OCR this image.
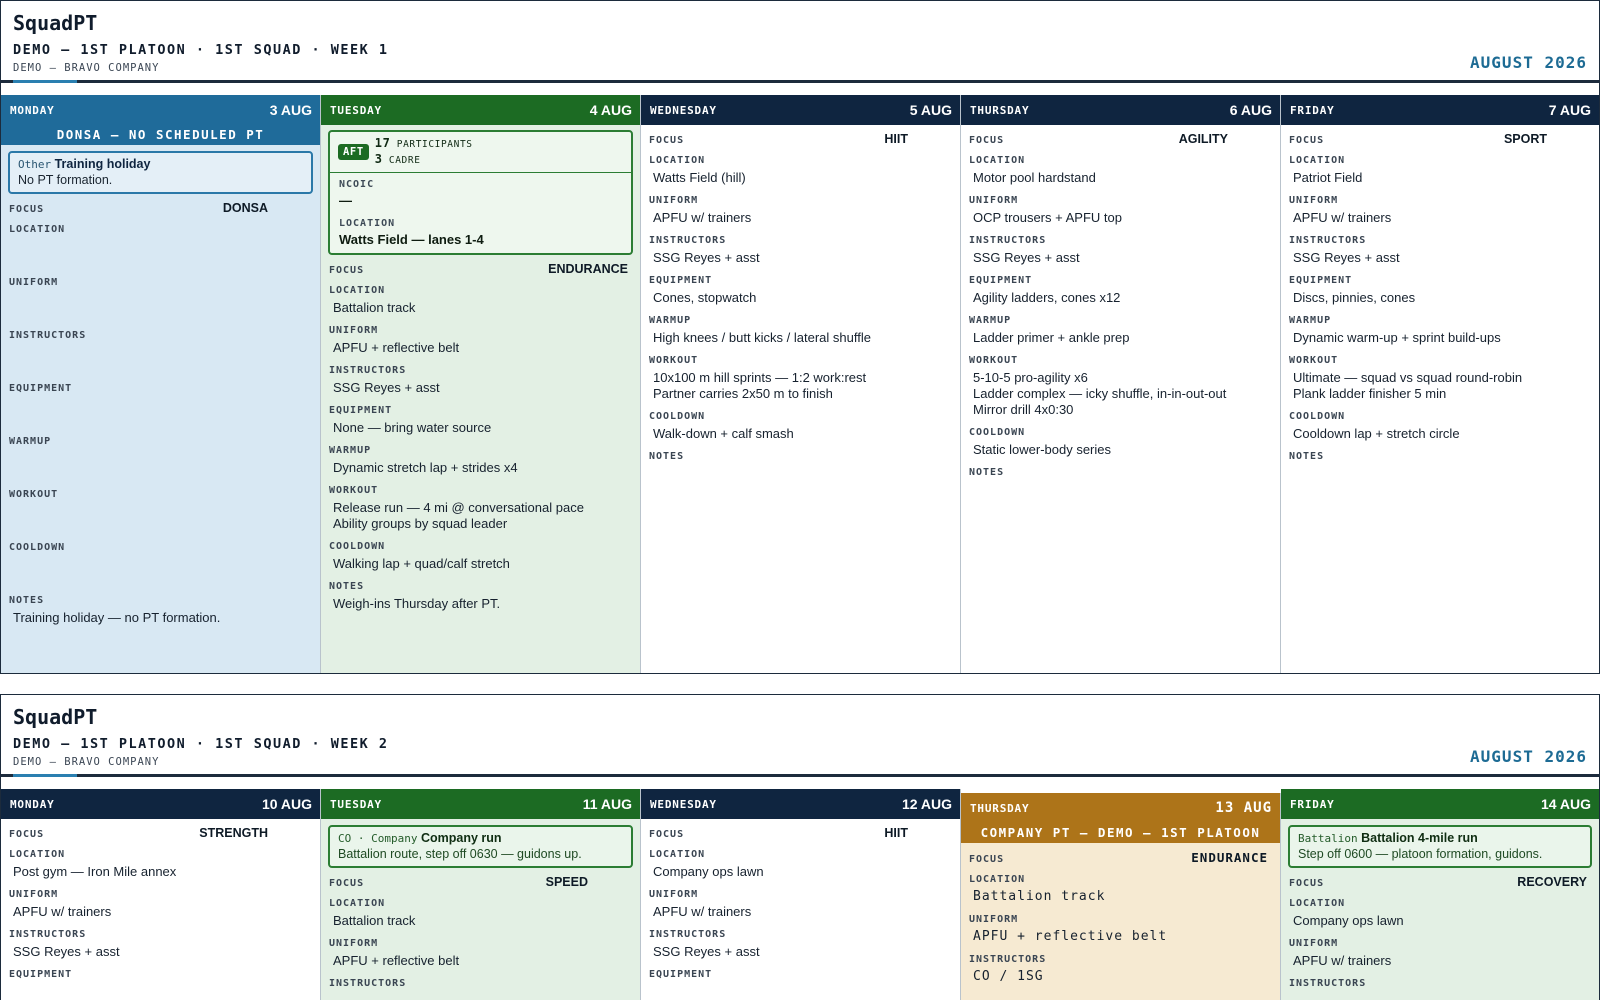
SquadPT
DEMO — 1ST PLATOON · 1ST SQUAD · WEEK 1
DEMO — BRAVO COMPANY	AUGUST 2026
MONDAY	3 AUG
DONSA — NO SCHEDULED PT
Other Training holiday
No PT formation.
FOCUS	DONSA
LOCATION
UNIFORM
INSTRUCTORS
EQUIPMENT
WARMUP
WORKOUT
COOLDOWN
NOTES
Training holiday — no PT formation.
TUESDAY	4 AUG
AFT
17 PARTICIPANTS
3 CADRE
NCOIC
—
LOCATION
Watts Field — lanes 1-4
FOCUS	ENDURANCE
LOCATION
Battalion track
UNIFORM
APFU + reflective belt
INSTRUCTORS
SSG Reyes + asst
EQUIPMENT
None — bring water source
WARMUP
Dynamic stretch lap + strides x4
WORKOUT
Release run — 4 mi @ conversational pace
Ability groups by squad leader
COOLDOWN
Walking lap + quad/calf stretch
NOTES
Weigh-ins Thursday after PT.
WEDNESDAY	5 AUG
FOCUS	HIIT
LOCATION
Watts Field (hill)
UNIFORM
APFU w/ trainers
INSTRUCTORS
SSG Reyes + asst
EQUIPMENT
Cones, stopwatch
WARMUP
High knees / butt kicks / lateral shuffle
WORKOUT
10x100 m hill sprints — 1:2 work:rest
Partner carries 2x50 m to finish
COOLDOWN
Walk-down + calf smash
NOTES
THURSDAY	6 AUG
FOCUS	AGILITY
LOCATION
Motor pool hardstand
UNIFORM
OCP trousers + APFU top
INSTRUCTORS
SSG Reyes + asst
EQUIPMENT
Agility ladders, cones x12
WARMUP
Ladder primer + ankle prep
WORKOUT
5-10-5 pro-agility x6
Ladder complex — icky shuffle, in-in-out-out
Mirror drill 4x0:30
COOLDOWN
Static lower-body series
NOTES
FRIDAY	7 AUG
FOCUS	SPORT
LOCATION
Patriot Field
UNIFORM
APFU w/ trainers
INSTRUCTORS
SSG Reyes + asst
EQUIPMENT
Discs, pinnies, cones
WARMUP
Dynamic warm-up + sprint build-ups
WORKOUT
Ultimate — squad vs squad round-robin
Plank ladder finisher 5 min
COOLDOWN
Cooldown lap + stretch circle
NOTES
SquadPT
DEMO — 1ST PLATOON · 1ST SQUAD · WEEK 2
DEMO — BRAVO COMPANY	AUGUST 2026
MONDAY	10 AUG
FOCUS	STRENGTH
LOCATION
Post gym — Iron Mile annex
UNIFORM
APFU w/ trainers
INSTRUCTORS
SSG Reyes + asst
EQUIPMENT
TUESDAY	11 AUG
CO · Company Company run
Battalion route, step off 0630 — guidons up.
FOCUS	SPEED
LOCATION
Battalion track
UNIFORM
APFU + reflective belt
INSTRUCTORS
WEDNESDAY	12 AUG
FOCUS	HIIT
LOCATION
Company ops lawn
UNIFORM
APFU w/ trainers
INSTRUCTORS
SSG Reyes + asst
EQUIPMENT
THURSDAY	13 AUG
COMPANY PT — DEMO — 1ST PLATOON
FOCUS	ENDURANCE
LOCATION
Battalion track
UNIFORM
APFU + reflective belt
INSTRUCTORS
CO / 1SG
FRIDAY	14 AUG
Battalion Battalion 4-mile run
Step off 0600 — platoon formation, guidons.
FOCUS	RECOVERY
LOCATION
Company ops lawn
UNIFORM
APFU w/ trainers
INSTRUCTORS
